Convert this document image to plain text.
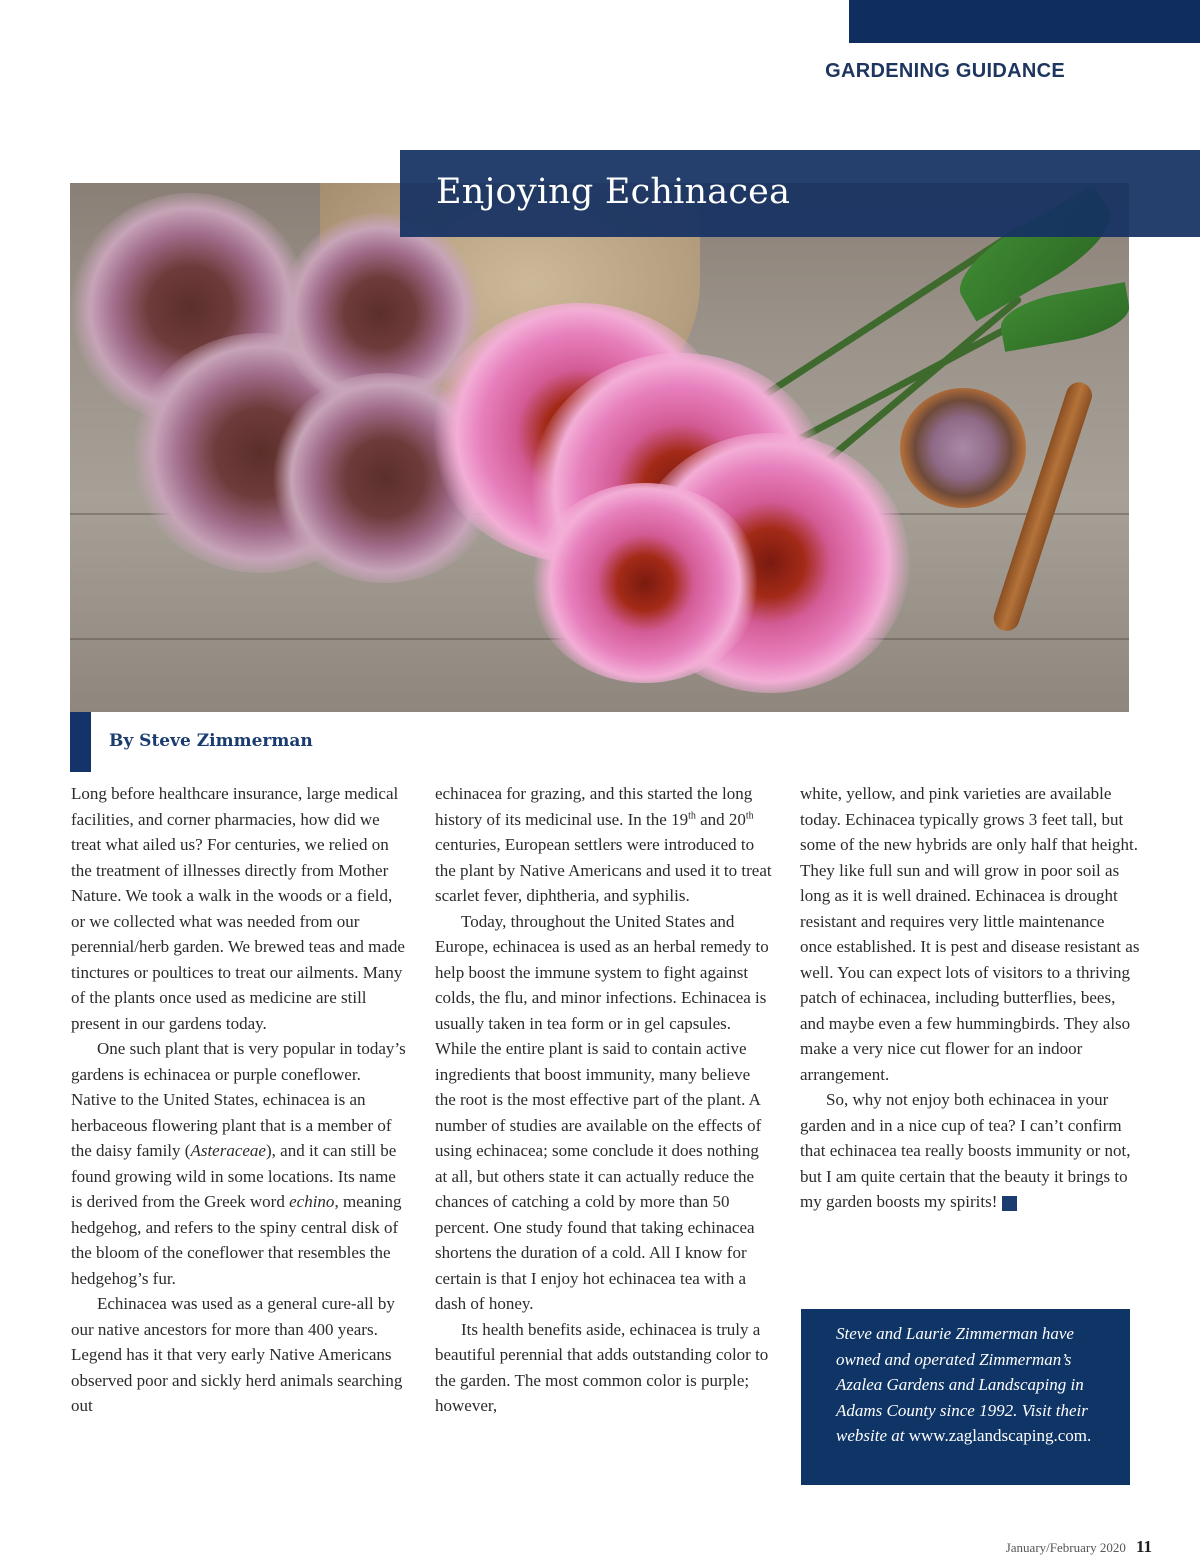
GARDENING GUIDANCE
Enjoying Echinacea
By Steve Zimmerman

Long before healthcare insurance, large medical facilities, and corner pharmacies, how did we treat what ailed us? For centuries, we relied on the treatment of illnesses directly from Mother Nature. We took a walk in the woods or a field, or we collected what was needed from our perennial/herb garden. We brewed teas and made tinctures or poultices to treat our ailments. Many of the plants once used as medicine are still present in our gardens today.

One such plant that is very popular in today’s gardens is echinacea or purple coneflower. Native to the United States, echinacea is an herbaceous flowering plant that is a member of the daisy family (Asteraceae), and it can still be found growing wild in some locations. Its name is derived from the Greek word echino, meaning hedgehog, and refers to the spiny central disk of the bloom of the coneflower that resembles the hedgehog’s fur.

Echinacea was used as a general cure-all by our native ancestors for more than 400 years. Legend has it that very early Native Americans observed poor and sickly herd animals searching out

echinacea for grazing, and this started the long history of its medicinal use. In the 19th and 20th centuries, European settlers were introduced to the plant by Native Americans and used it to treat scarlet fever, diphtheria, and syphilis.

Today, throughout the United States and Europe, echinacea is used as an herbal remedy to help boost the immune system to fight against colds, the flu, and minor infections. Echinacea is usually taken in tea form or in gel capsules. While the entire plant is said to contain active ingredients that boost immunity, many believe the root is the most effective part of the plant. A number of studies are available on the effects of using echinacea; some conclude it does nothing at all, but others state it can actually reduce the chances of catching a cold by more than 50 percent. One study found that taking echinacea shortens the duration of a cold. All I know for certain is that I enjoy hot echinacea tea with a dash of honey.

Its health benefits aside, echinacea is truly a beautiful perennial that adds outstanding color to the garden. The most common color is purple; however,

white, yellow, and pink varieties are available today. Echinacea typically grows 3 feet tall, but some of the new hybrids are only half that height. They like full sun and will grow in poor soil as long as it is well drained. Echinacea is drought resistant and requires very little maintenance once established. It is pest and disease resistant as well. You can expect lots of visitors to a thriving patch of echinacea, including butterflies, bees, and maybe even a few hummingbirds. They also make a very nice cut flower for an indoor arrangement.

So, why not enjoy both echinacea in your garden and in a nice cup of tea? I can’t confirm that echinacea tea really boosts immunity or not, but I am quite certain that the beauty it brings to my garden boosts my spirits!	G

Steve and Laurie Zimmerman have owned and operated Zimmerman’s Azalea Gardens and Landscaping in Adams County since 1992. Visit their website at www.zaglandscaping.com.

January/February 2020 11
